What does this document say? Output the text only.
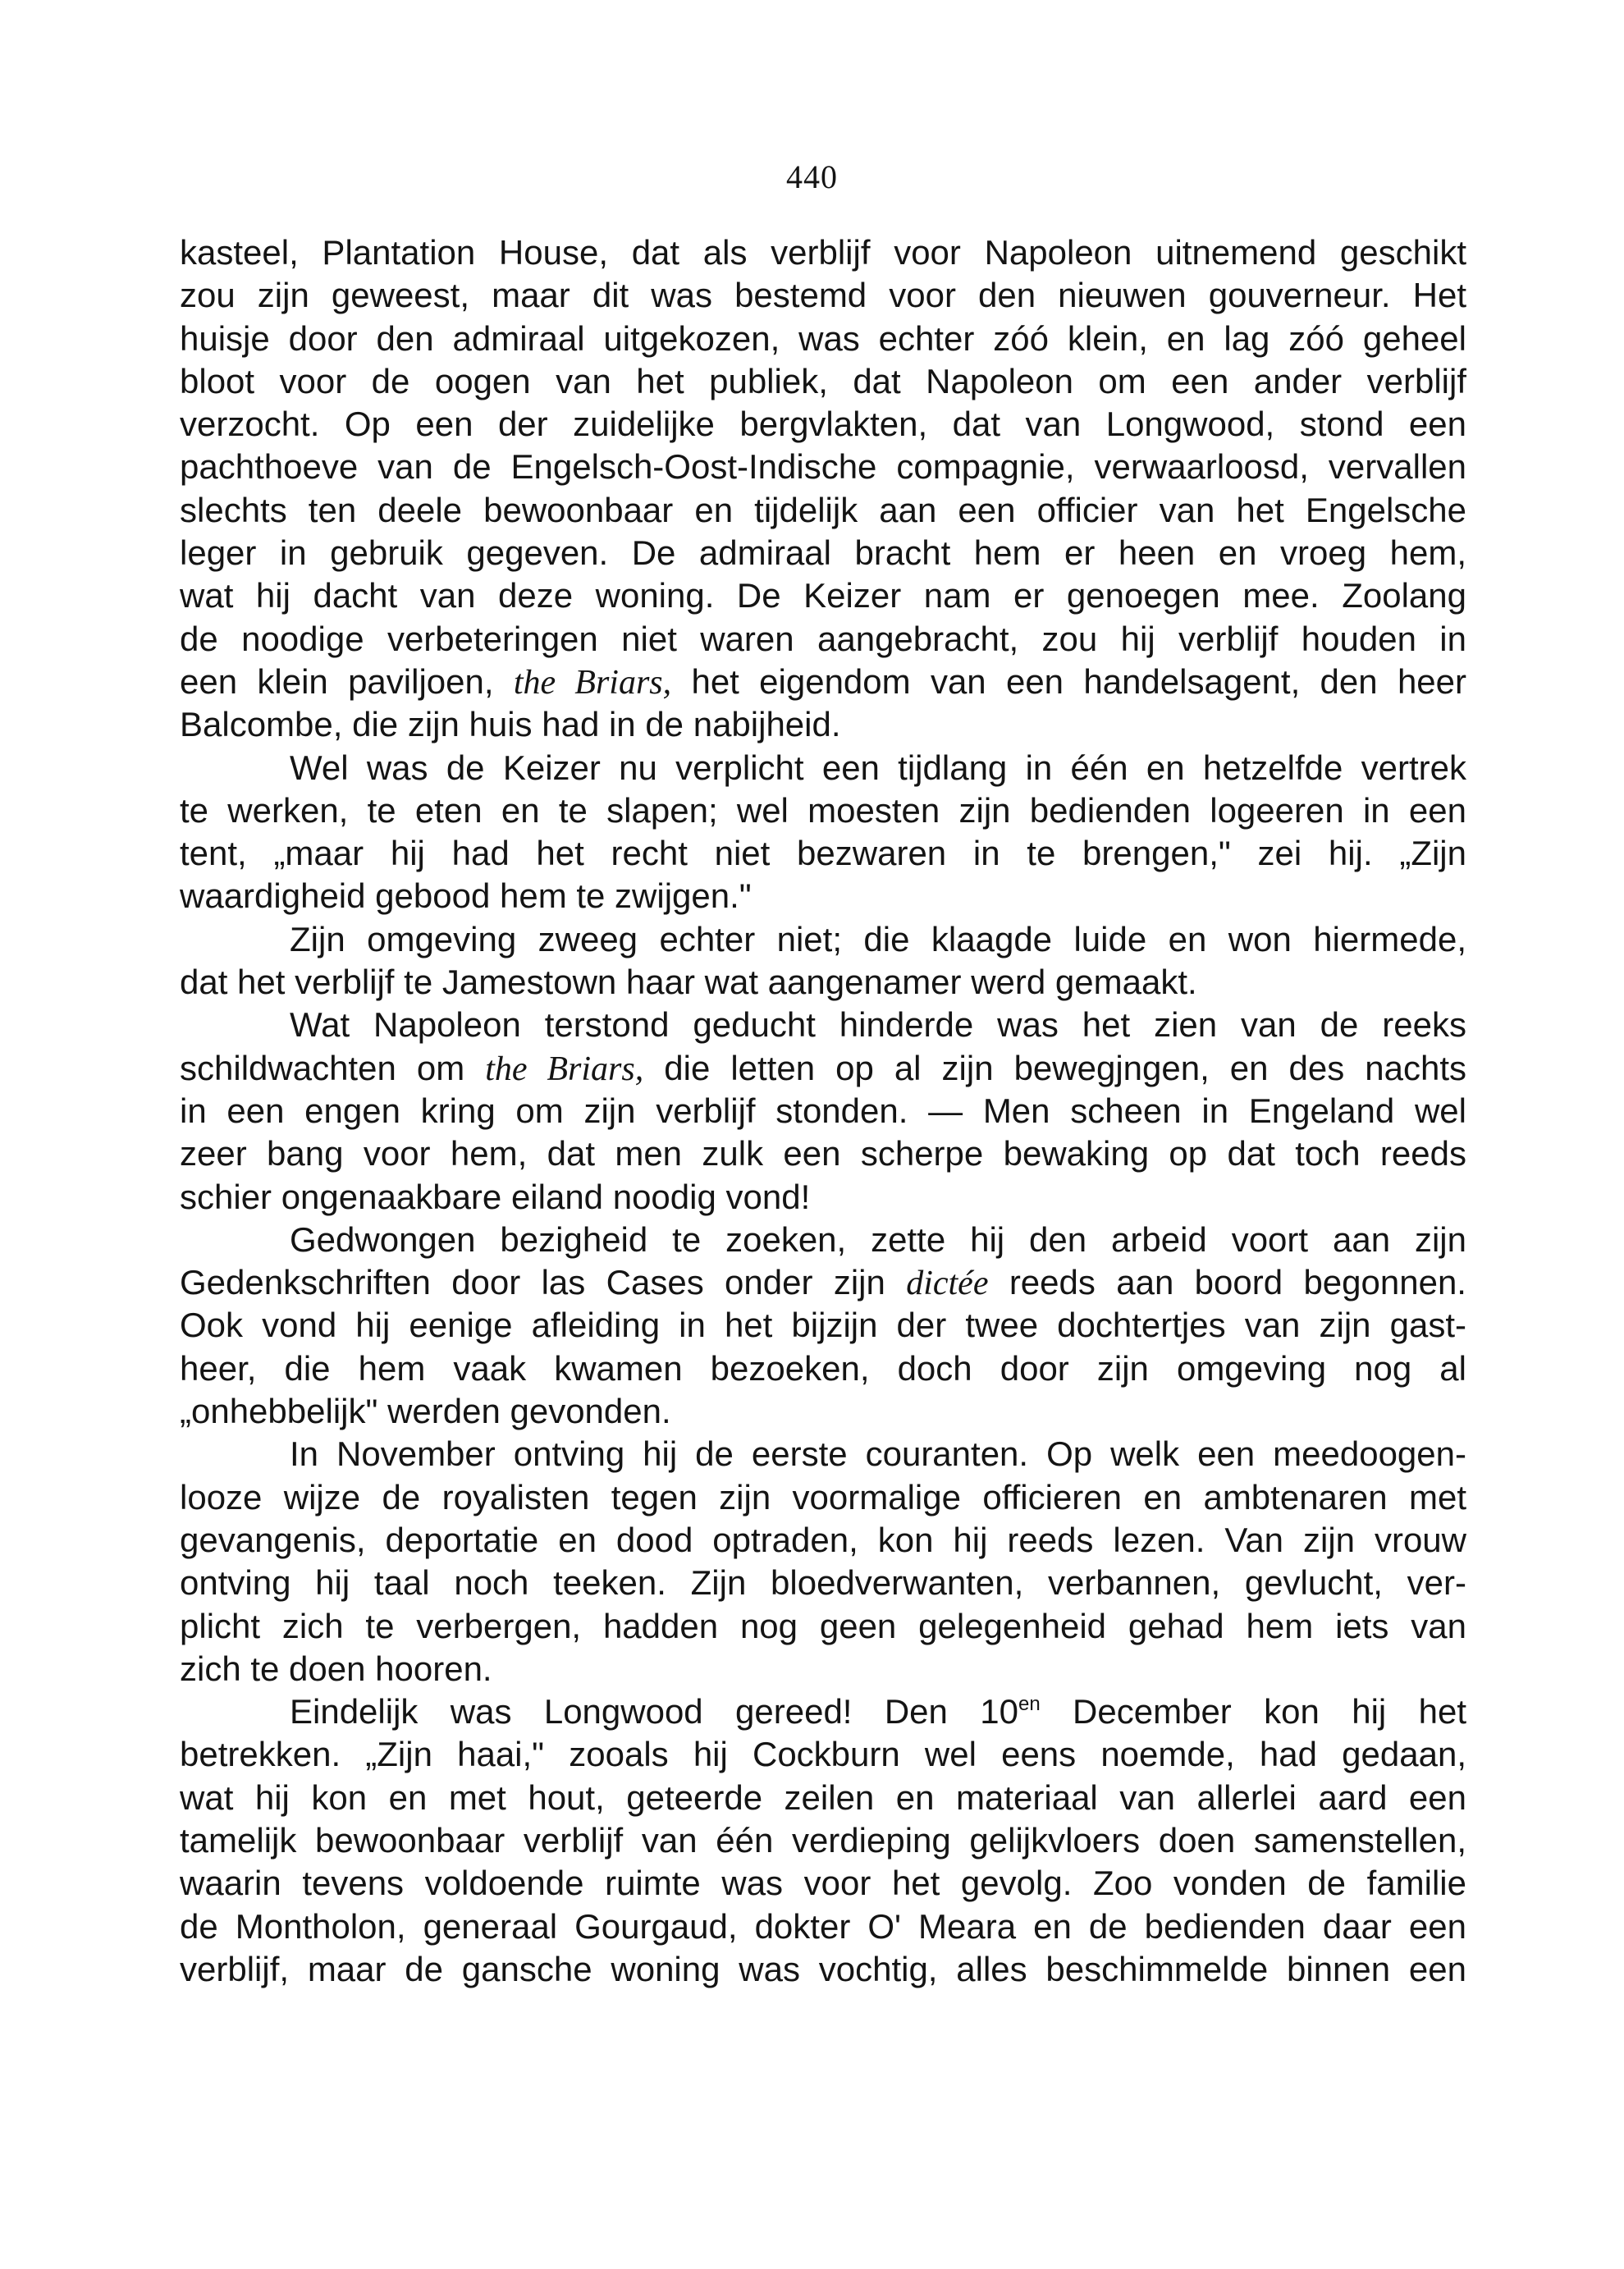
440
kasteel, Plantation House, dat als verblijf voor Napoleon uitnemend geschikt
zou zijn geweest, maar dit was bestemd voor den nieuwen gouverneur. Het
huisje door den admiraal uitgekozen, was echter zóó klein, en lag zóó geheel
bloot voor de oogen van het publiek, dat Napoleon om een ander verblijf
verzocht. Op een der zuidelijke bergvlakten, dat van Longwood, stond een
pachthoeve van de Engelsch-Oost-Indische compagnie, verwaarloosd, vervallen
slechts ten deele bewoonbaar en tijdelijk aan een officier van het Engelsche
leger in gebruik gegeven. De admiraal bracht hem er heen en vroeg hem,
wat hij dacht van deze woning. De Keizer nam er genoegen mee. Zoolang
de noodige verbeteringen niet waren aangebracht, zou hij verblijf houden in
een klein paviljoen, the Briars, het eigendom van een handelsagent, den heer
Balcombe, die zijn huis had in de nabijheid.
Wel was de Keizer nu verplicht een tijdlang in één en hetzelfde vertrek
te werken, te eten en te slapen; wel moesten zijn bedienden logeeren in een
tent, „maar hij had het recht niet bezwaren in te brengen," zei hij. „Zijn
waardigheid gebood hem te zwijgen."
Zijn omgeving zweeg echter niet; die klaagde luide en won hiermede,
dat het verblijf te Jamestown haar wat aangenamer werd gemaakt.
Wat Napoleon terstond geducht hinderde was het zien van de reeks
schildwachten om the Briars, die letten op al zijn bewegjngen, en des nachts
in een engen kring om zijn verblijf stonden. — Men scheen in Engeland wel
zeer bang voor hem, dat men zulk een scherpe bewaking op dat toch reeds
schier ongenaakbare eiland noodig vond!
Gedwongen bezigheid te zoeken, zette hij den arbeid voort aan zijn
Gedenkschriften door las Cases onder zijn dictée reeds aan boord begonnen.
Ook vond hij eenige afleiding in het bijzijn der twee dochtertjes van zijn gast-
heer, die hem vaak kwamen bezoeken, doch door zijn omgeving nog al
„onhebbelijk" werden gevonden.
In November ontving hij de eerste couranten. Op welk een meedoogen-
looze wijze de royalisten tegen zijn voormalige officieren en ambtenaren met
gevangenis, deportatie en dood optraden, kon hij reeds lezen. Van zijn vrouw
ontving hij taal noch teeken. Zijn bloedverwanten, verbannen, gevlucht, ver-
plicht zich te verbergen, hadden nog geen gelegenheid gehad hem iets van
zich te doen hooren.
Eindelijk was Longwood gereed! Den $10^{en}$ December kon hij het
betrekken. „Zijn haai," zooals hij Cockburn wel eens noemde, had gedaan,
wat hij kon en met hout, geteerde zeilen en materiaal van allerlei aard een
tamelijk bewoonbaar verblijf van één verdieping gelijkvloers doen samenstellen,
waarin tevens voldoende ruimte was voor het gevolg. Zoo vonden de familie
de Montholon, generaal Gourgaud, dokter O' Meara en de bedienden daar een
verblijf, maar de gansche woning was vochtig, alles beschimmelde binnen een
